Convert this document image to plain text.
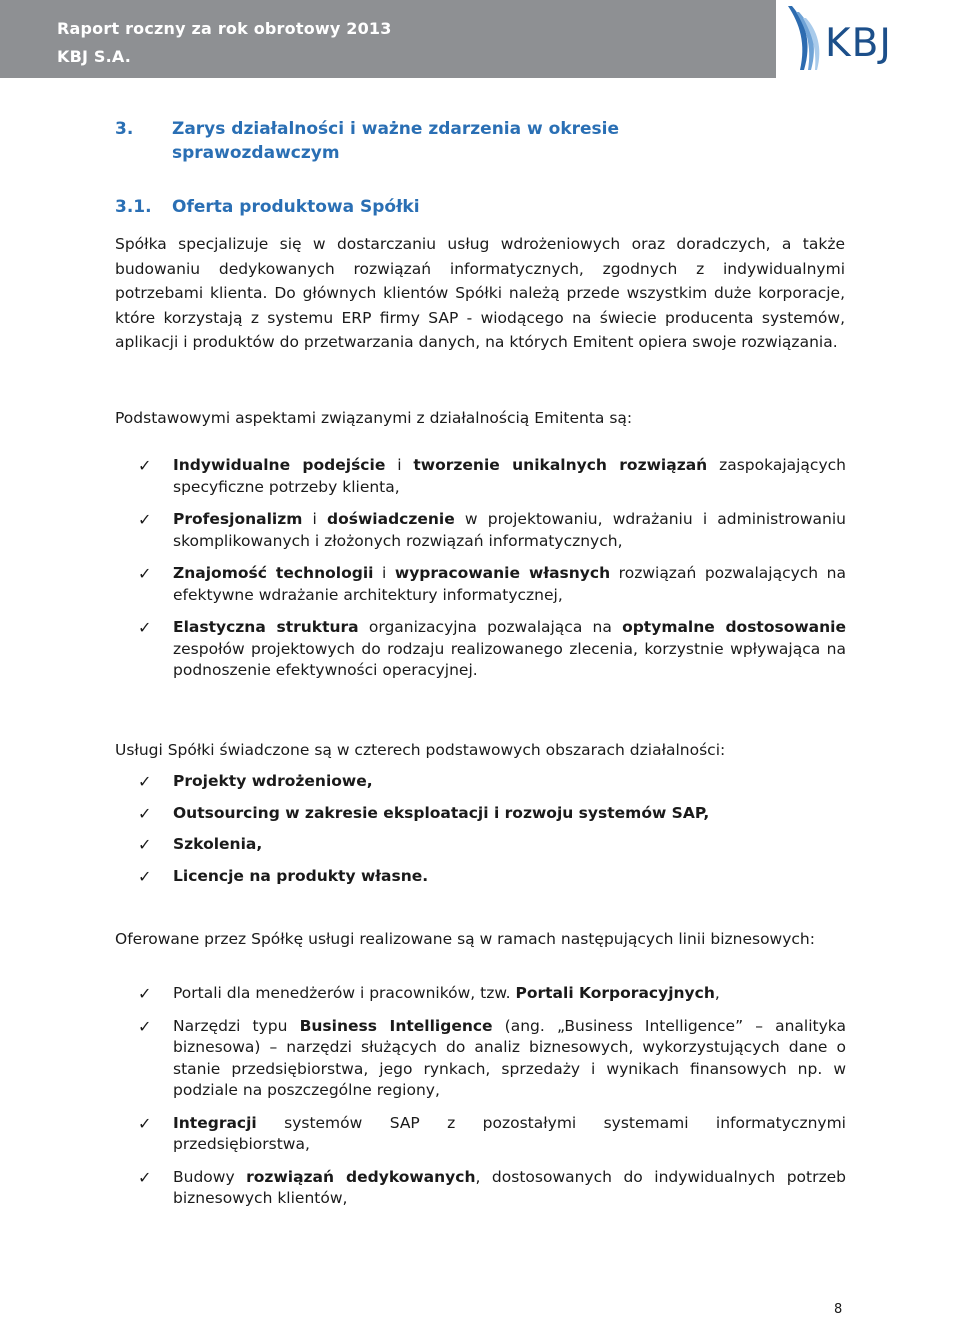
Raport roczny za rok obrotowy 2013
KBJ S.A.	KBJ
3. Zarys działalności i ważne zdarzenia w okresie sprawozdawczym
3.1. Oferta produktowa Spółki

Spółka specjalizuje się w dostarczaniu usług wdrożeniowych oraz doradczych, a także budowaniu dedykowanych rozwiązań informatycznych, zgodnych z indywidualnymi potrzebami klienta. Do głównych klientów Spółki należą przede wszystkim duże korporacje, które korzystają z systemu ERP firmy SAP - wiodącego na świecie producenta systemów, aplikacji i produktów do przetwarzania danych, na których Emitent opiera swoje rozwiązania.

Podstawowymi aspektami związanymi z działalnością Emitenta są:

✓ Indywidualne podejście i tworzenie unikalnych rozwiązań zaspokajających specyficzne potrzeby klienta,
✓ Profesjonalizm i doświadczenie w projektowaniu, wdrażaniu i administrowaniu skomplikowanych i złożonych rozwiązań informatycznych,
✓ Znajomość technologii i wypracowanie własnych rozwiązań pozwalających na efektywne wdrażanie architektury informatycznej,
✓ Elastyczna struktura organizacyjna pozwalająca na optymalne dostosowanie zespołów projektowych do rodzaju realizowanego zlecenia, korzystnie wpływająca na podnoszenie efektywności operacyjnej.

Usługi Spółki świadczone są w czterech podstawowych obszarach działalności:

✓ Projekty wdrożeniowe,
✓ Outsourcing w zakresie eksploatacji i rozwoju systemów SAP,
✓ Szkolenia,
✓ Licencje na produkty własne.

Oferowane przez Spółkę usługi realizowane są w ramach następujących linii biznesowych:

✓ Portali dla menedżerów i pracowników, tzw. Portali Korporacyjnych,
✓ Narzędzi typu Business Intelligence (ang. „Business Intelligence” – analityka biznesowa) – narzędzi służących do analiz biznesowych, wykorzystujących dane o stanie przedsiębiorstwa, jego rynkach, sprzedaży i wynikach finansowych np. w podziale na poszczególne regiony,
✓ Integracji systemów SAP z pozostałymi systemami informatycznymi przedsiębiorstwa,
✓ Budowy rozwiązań dedykowanych, dostosowanych do indywidualnych potrzeb biznesowych klientów,
8
